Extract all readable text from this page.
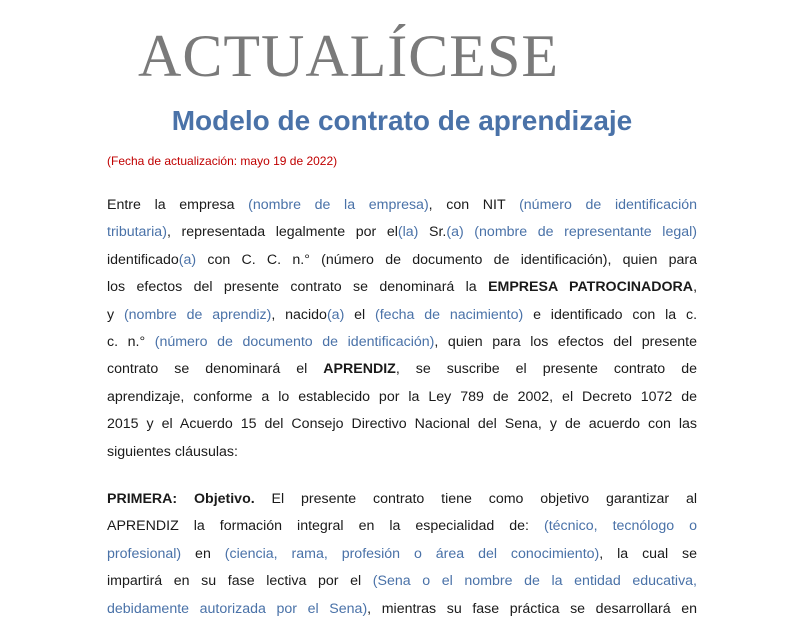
ACTUALÍCESE
Modelo de contrato de aprendizaje
(Fecha de actualización: mayo 19 de 2022)
Entre la empresa (nombre de la empresa), con NIT (número de identificación
tributaria), representada legalmente por el(la) Sr.(a) (nombre de representante legal)
identificado(a) con C. C. n.° (número de documento de identificación), quien para
los efectos del presente contrato se denominará la EMPRESA PATROCINADORA,
y (nombre de aprendiz), nacido(a) el (fecha de nacimiento) e identificado con la c.
c. n.° (número de documento de identificación), quien para los efectos del presente
contrato se denominará el APRENDIZ, se suscribe el presente contrato de
aprendizaje, conforme a lo establecido por la Ley 789 de 2002, el Decreto 1072 de
2015 y el Acuerdo 15 del Consejo Directivo Nacional del Sena, y de acuerdo con las
siguientes cláusulas:
PRIMERA: Objetivo. El presente contrato tiene como objetivo garantizar al
APRENDIZ la formación integral en la especialidad de: (técnico, tecnólogo o
profesional) en (ciencia, rama, profesión o área del conocimiento), la cual se
impartirá en su fase lectiva por el (Sena o el nombre de la entidad educativa,
debidamente autorizada por el Sena), mientras su fase práctica se desarrollará en
